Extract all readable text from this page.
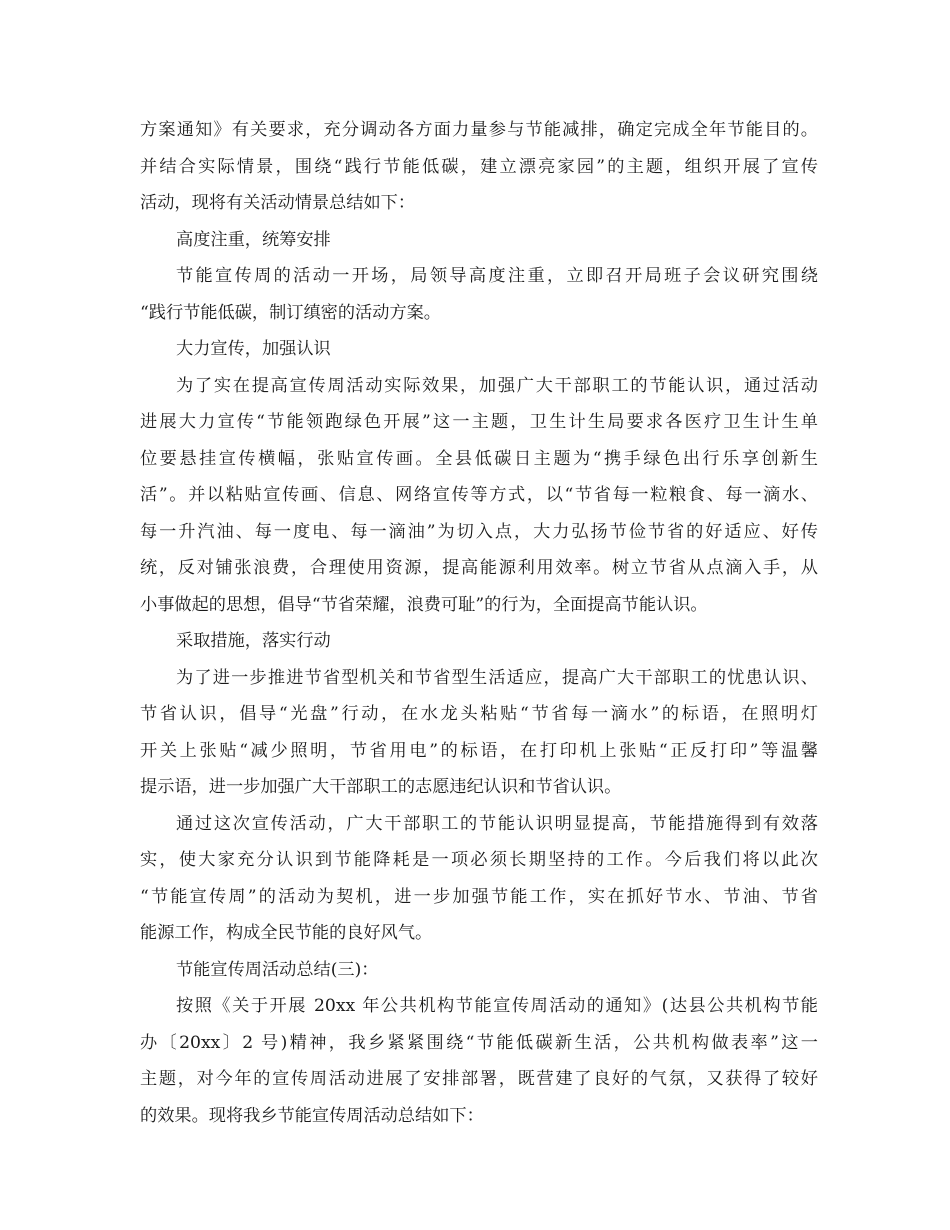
方案通知》有关要求，充分调动各方面力量参与节能减排，确定完成全年节能目的。
并结合实际情景，围绕“践行节能低碳，建立漂亮家园”的主题，组织开展了宣传
活动，现将有关活动情景总结如下：
高度注重，统筹安排
节能宣传周的活动一开场，局领导高度注重，立即召开局班子会议研究围绕
“践行节能低碳，制订缜密的活动方案。
大力宣传，加强认识
为了实在提高宣传周活动实际效果，加强广大干部职工的节能认识，通过活动
进展大力宣传“节能领跑绿色开展”这一主题，卫生计生局要求各医疗卫生计生单
位要悬挂宣传横幅，张贴宣传画。全县低碳日主题为“携手绿色出行乐享创新生
活”。并以粘贴宣传画、信息、网络宣传等方式，以“节省每一粒粮食、每一滴水、
每一升汽油、每一度电、每一滴油”为切入点，大力弘扬节俭节省的好适应、好传
统，反对铺张浪费，合理使用资源，提高能源利用效率。树立节省从点滴入手，从
小事做起的思想，倡导“节省荣耀，浪费可耻”的行为，全面提高节能认识。
采取措施，落实行动
为了进一步推进节省型机关和节省型生活适应，提高广大干部职工的忧患认识、
节省认识，倡导“光盘”行动，在水龙头粘贴“节省每一滴水”的标语，在照明灯
开关上张贴“减少照明，节省用电”的标语，在打印机上张贴“正反打印”等温馨
提示语，进一步加强广大干部职工的志愿违纪认识和节省认识。
通过这次宣传活动，广大干部职工的节能认识明显提高，节能措施得到有效落
实，使大家充分认识到节能降耗是一项必须长期坚持的工作。今后我们将以此次
“节能宣传周”的活动为契机，进一步加强节能工作，实在抓好节水、节油、节省
能源工作，构成全民节能的良好风气。
节能宣传周活动总结(三)：
按照《关于开展 20xx 年公共机构节能宣传周活动的通知》(达县公共机构节能
办〔20xx〕2 号)精神，我乡紧紧围绕“节能低碳新生活，公共机构做表率”这一
主题，对今年的宣传周活动进展了安排部署，既营建了良好的气氛，又获得了较好
的效果。现将我乡节能宣传周活动总结如下：
